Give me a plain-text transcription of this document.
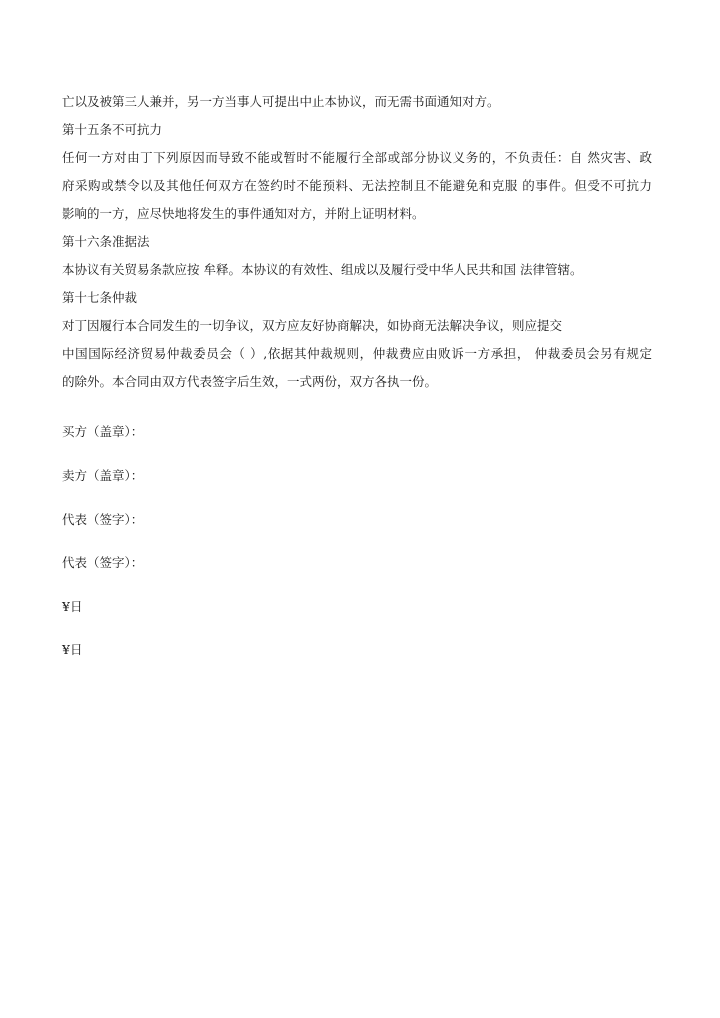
亡以及被第三人兼并，另一方当事人可提出中止本协议，而无需书面通知对方。
第十五条不可抗力
任何一方对由丁下列原因而导致不能或暂时不能履行全部或部分协议义务的，不负责任：自 然灾害、政
府采购或禁令以及其他任何双方在签约时不能预料、无法控制且不能避免和克服 的事件。但受不可抗力
影响的一方，应尽快地将发生的事件通知对方，并附上证明材料。
第十六条准据法
本协议有关贸易条款应按 牟释。本协议的有效性、组成以及履行受中华人民共和国 法律管辖。
第十七条仲裁
对丁因履行本合同发生的一切争议，双方应友好协商解决，如协商无法解决争议，则应提交
中国国际经济贸易仲裁委员会（ ）,依据其仲裁规则，仲裁费应由败诉一方承担， 仲裁委员会另有规定
的除外。本合同由双方代表签字后生效，一式两份，双方各执一份。
买方（盖章）：
卖方（盖章）：
代表（签字）：
代表（签字）：
¥日
¥日
